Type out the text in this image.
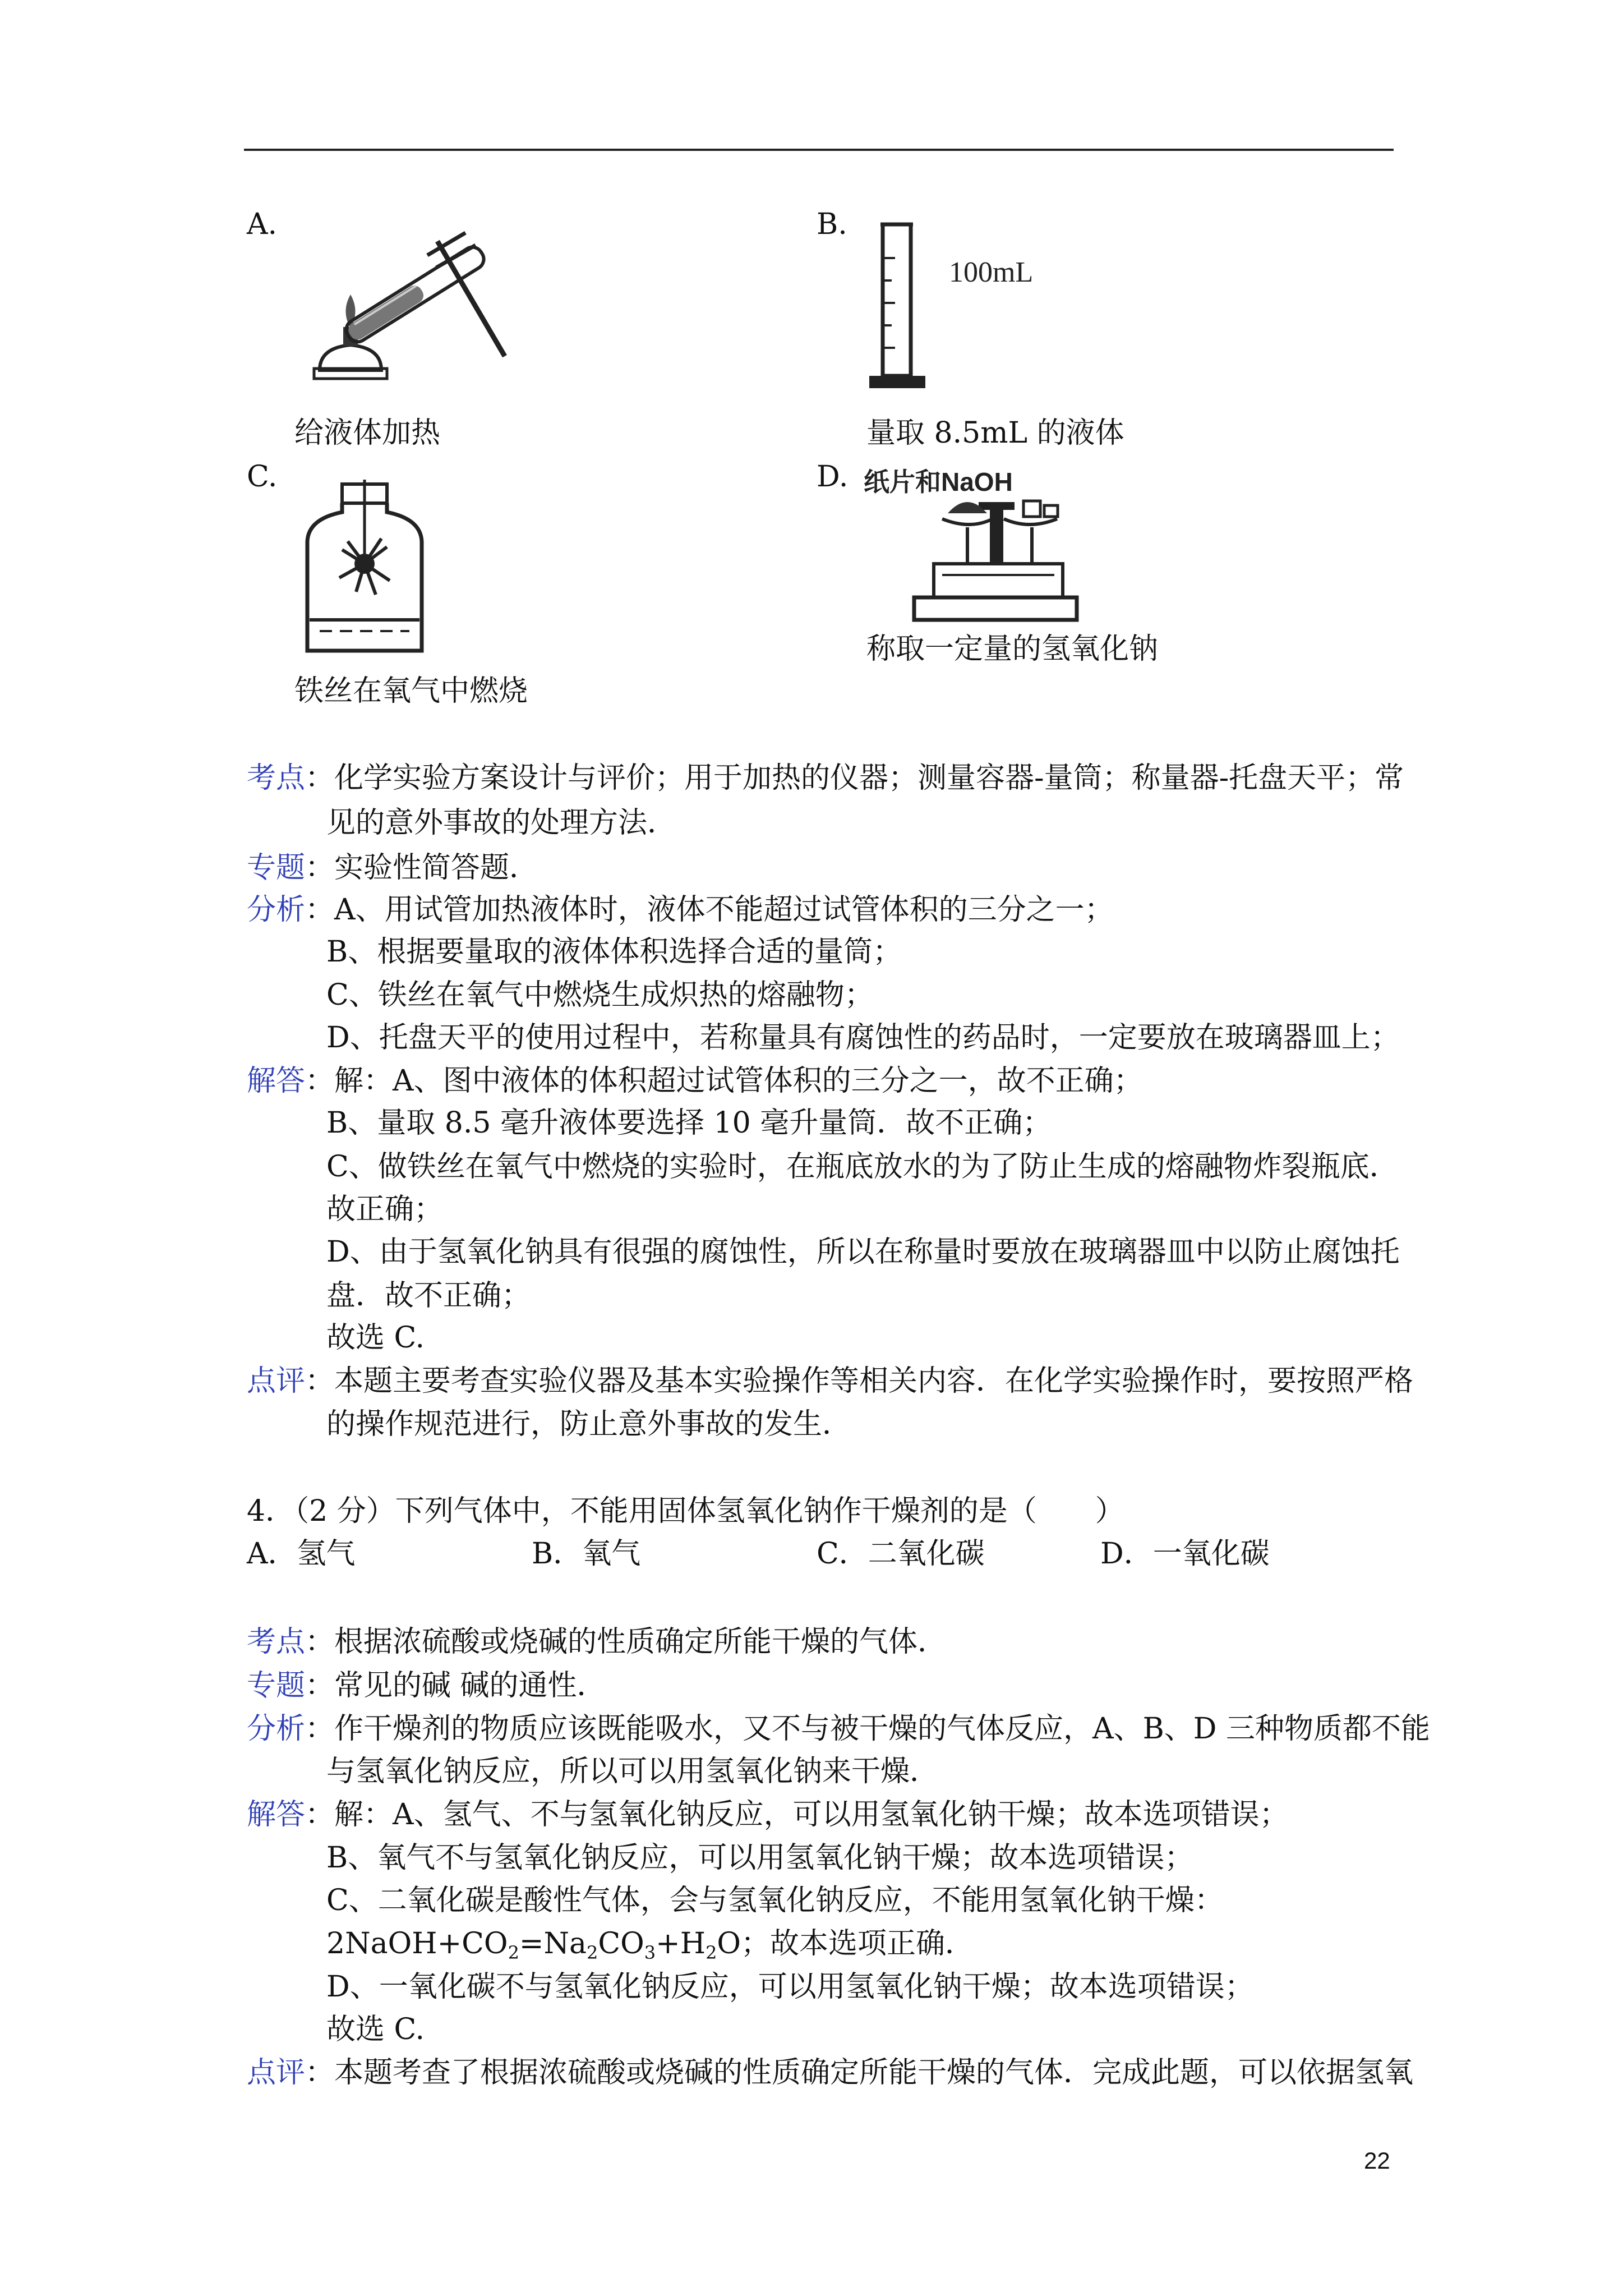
A.
给液体加热
B.
100mL
量取 8.5mL 的液体
C.
铁丝在氧气中燃烧
D. 纸片和NaOH
称取一定量的氢氧化钠
考点：化学实验方案设计与评价；用于加热的仪器；测量容器-量筒；称量器-托盘天平；常
见的意外事故的处理方法．
专题：实验性简答题．
分析：A、用试管加热液体时，液体不能超过试管体积的三分之一；
B、根据要量取的液体体积选择合适的量筒；
C、铁丝在氧气中燃烧生成炽热的熔融物；
D、托盘天平的使用过程中，若称量具有腐蚀性的药品时，一定要放在玻璃器皿上；
解答：解：A、图中液体的体积超过试管体积的三分之一，故不正确；
B、量取 8.5 毫升液体要选择 10 毫升量筒．故不正确；
C、做铁丝在氧气中燃烧的实验时，在瓶底放水的为了防止生成的熔融物炸裂瓶底．
故正确；
D、由于氢氧化钠具有很强的腐蚀性，所以在称量时要放在玻璃器皿中以防止腐蚀托
盘．故不正确；
故选 C.
点评：本题主要考查实验仪器及基本实验操作等相关内容．在化学实验操作时，要按照严格
的操作规范进行，防止意外事故的发生．
4．（2 分）下列气体中，不能用固体氢氧化钠作干燥剂的是（　　）
A．氢气	B．氧气	C．二氧化碳	D．一氧化碳
考点：根据浓硫酸或烧碱的性质确定所能干燥的气体．
专题：常见的碱 碱的通性．
分析：作干燥剂的物质应该既能吸水，又不与被干燥的气体反应，A、B、D 三种物质都不能
与氢氧化钠反应，所以可以用氢氧化钠来干燥．
解答：解：A、氢气、不与氢氧化钠反应，可以用氢氧化钠干燥；故本选项错误；
B、氧气不与氢氧化钠反应，可以用氢氧化钠干燥；故本选项错误；
C、二氧化碳是酸性气体，会与氢氧化钠反应，不能用氢氧化钠干燥：
$2NaOH+CO_2=Na_2CO_3+H_2O$；故本选项正确．
D、一氧化碳不与氢氧化钠反应，可以用氢氧化钠干燥；故本选项错误；
故选 C.
点评：本题考查了根据浓硫酸或烧碱的性质确定所能干燥的气体．完成此题，可以依据氢氧
22
